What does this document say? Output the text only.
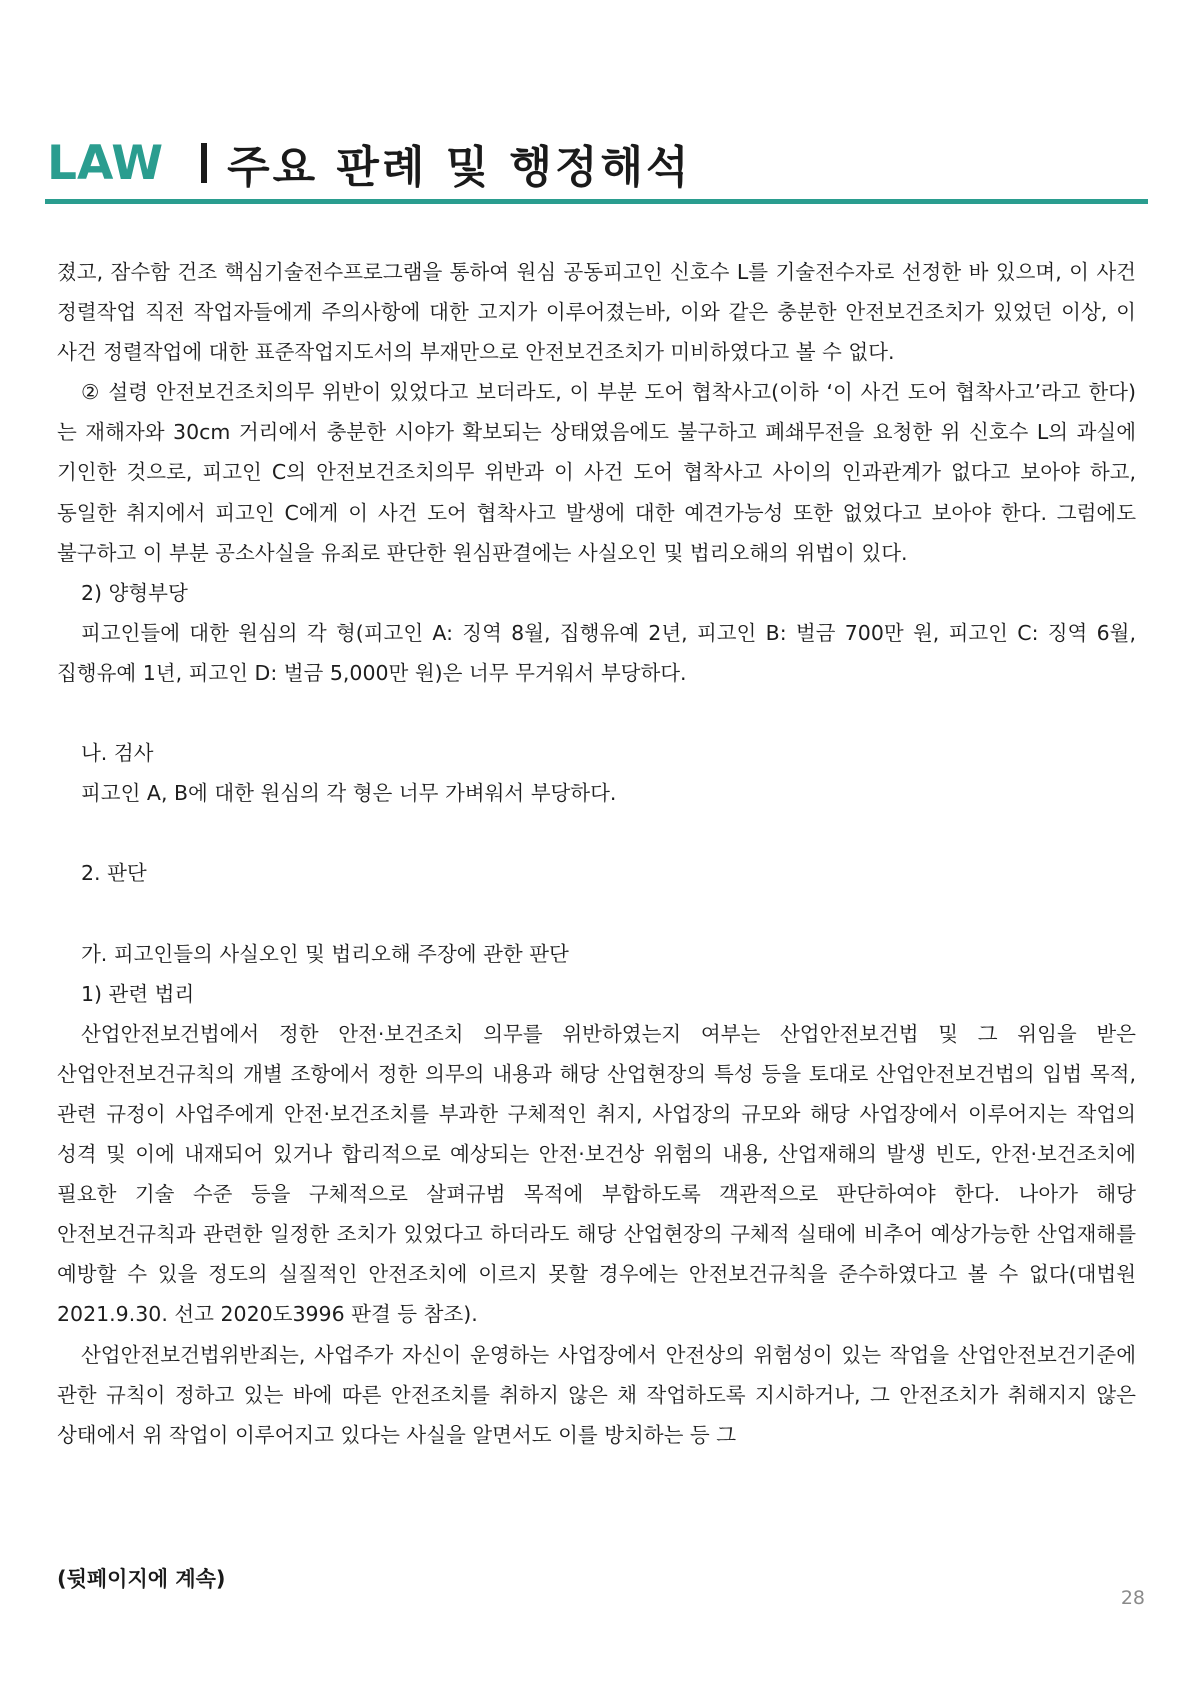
LAW 주요 판례 및 행정해석

졌고, 잠수함 건조 핵심기술전수프로그램을 통하여 원심 공동피고인 신호수 L를 기술전수자로 선정한 바 있으며, 이 사건 정렬작업 직전 작업자들에게 주의사항에 대한 고지가 이루어졌는바, 이와 같은 충분한 안전보건조치가 있었던 이상, 이 사건 정렬작업에 대한 표준작업지도서의 부재만으로 안전보건조치가 미비하였다고 볼 수 없다.

② 설령 안전보건조치의무 위반이 있었다고 보더라도, 이 부분 도어 협착사고(이하 ‘이 사건 도어 협착사고’라고 한다)는 재해자와 30cm 거리에서 충분한 시야가 확보되는 상태였음에도 불구하고 폐쇄무전을 요청한 위 신호수 L의 과실에 기인한 것으로, 피고인 C의 안전보건조치의무 위반과 이 사건 도어 협착사고 사이의 인과관계가 없다고 보아야 하고, 동일한 취지에서 피고인 C에게 이 사건 도어 협착사고 발생에 대한 예견가능성 또한 없었다고 보아야 한다. 그럼에도 불구하고 이 부분 공소사실을 유죄로 판단한 원심판결에는 사실오인 및 법리오해의 위법이 있다.

2) 양형부당

피고인들에 대한 원심의 각 형(피고인 A: 징역 8월, 집행유예 2년, 피고인 B: 벌금 700만 원, 피고인 C: 징역 6월, 집행유예 1년, 피고인 D: 벌금 5,000만 원)은 너무 무거워서 부당하다.

나. 검사

피고인 A, B에 대한 원심의 각 형은 너무 가벼워서 부당하다.

2. 판단

가. 피고인들의 사실오인 및 법리오해 주장에 관한 판단

1) 관련 법리

산업안전보건법에서 정한 안전·보건조치 의무를 위반하였는지 여부는 산업안전보건법 및 그 위임을 받은 산업안전보건규칙의 개별 조항에서 정한 의무의 내용과 해당 산업현장의 특성 등을 토대로 산업안전보건법의 입법 목적, 관련 규정이 사업주에게 안전·보건조치를 부과한 구체적인 취지, 사업장의 규모와 해당 사업장에서 이루어지는 작업의 성격 및 이에 내재되어 있거나 합리적으로 예상되는 안전·보건상 위험의 내용, 산업재해의 발생 빈도, 안전·보건조치에 필요한 기술 수준 등을 구체적으로 살펴규범 목적에 부합하도록 객관적으로 판단하여야 한다. 나아가 해당 안전보건규칙과 관련한 일정한 조치가 있었다고 하더라도 해당 산업현장의 구체적 실태에 비추어 예상가능한 산업재해를 예방할 수 있을 정도의 실질적인 안전조치에 이르지 못할 경우에는 안전보건규칙을 준수하였다고 볼 수 없다(대법원 2021.9.30. 선고 2020도3996 판결 등 참조).

산업안전보건법위반죄는, 사업주가 자신이 운영하는 사업장에서 안전상의 위험성이 있는 작업을 산업안전보건기준에 관한 규칙이 정하고 있는 바에 따른 안전조치를 취하지 않은 채 작업하도록 지시하거나, 그 안전조치가 취해지지 않은 상태에서 위 작업이 이루어지고 있다는 사실을 알면서도 이를 방치하는 등 그

(뒷페이지에 계속)
28
